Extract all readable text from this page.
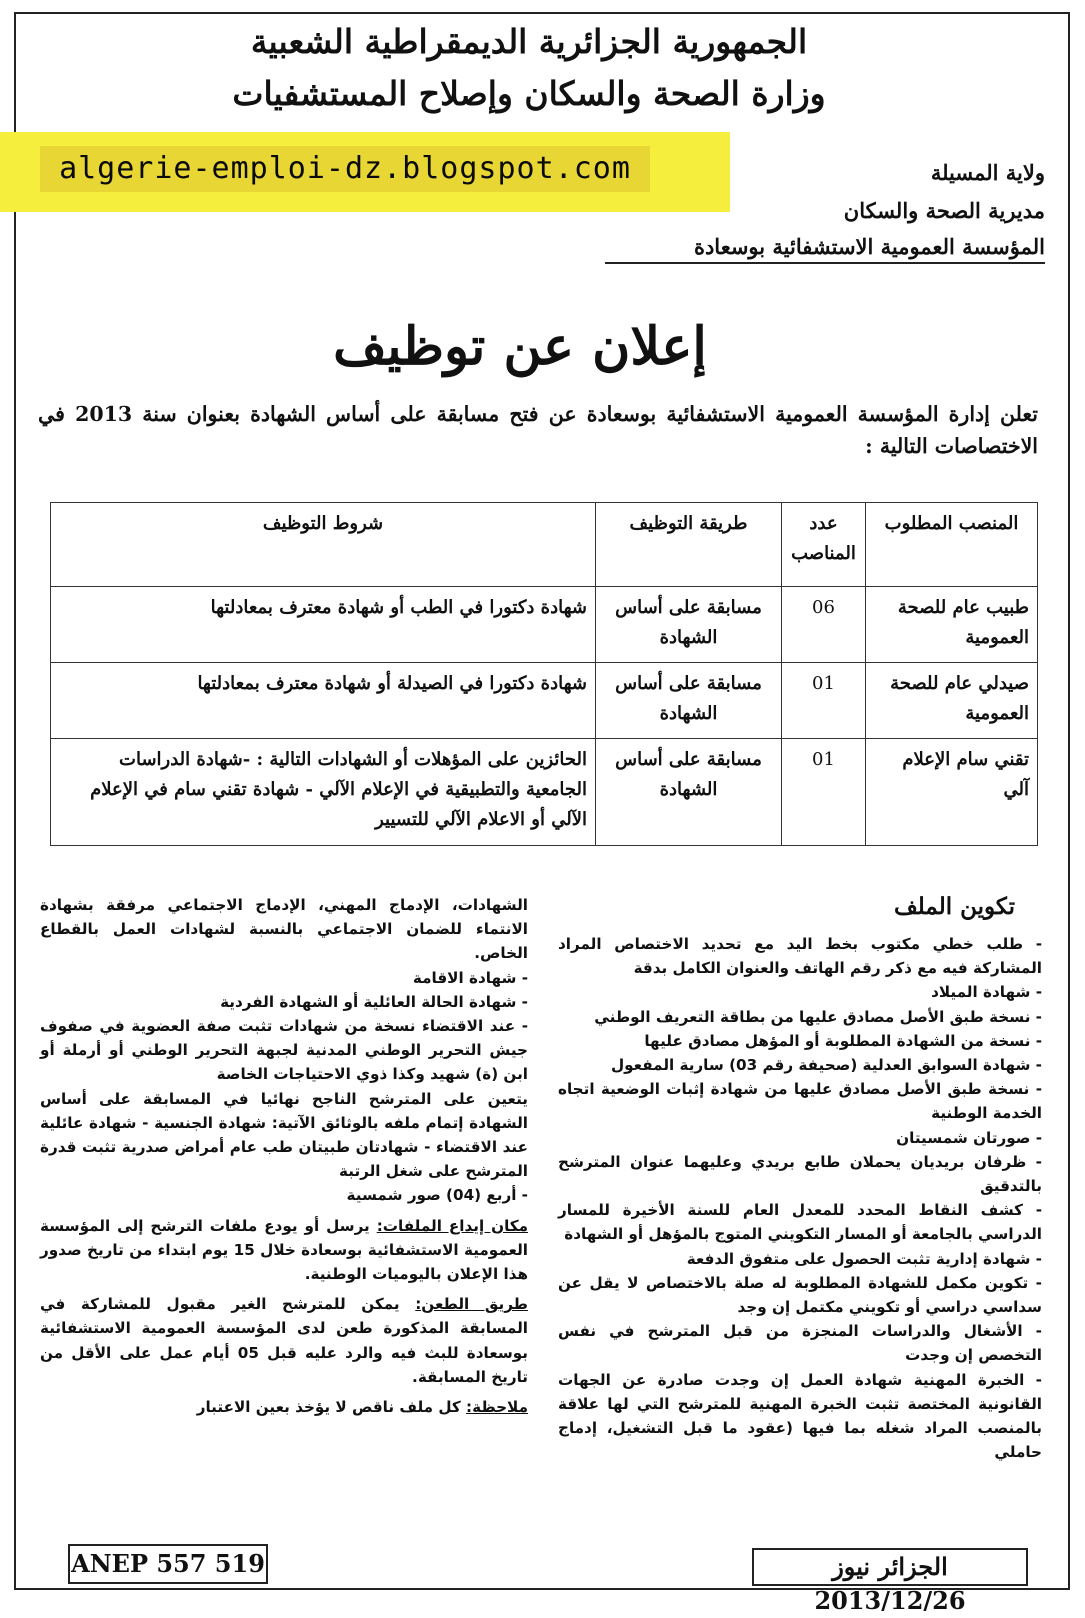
الجمهورية الجزائرية الديمقراطية الشعبية
وزارة الصحة والسكان وإصلاح المستشفيات
algerie-emploi-dz.blogspot.com	ولاية المسيلة
مديرية الصحة والسكان
المؤسسة العمومية الاستشفائية بوسعادة
إعلان عن توظيف
تعلن إدارة المؤسسة العمومية الاستشفائية بوسعادة عن فتح مسابقة على أساس الشهادة بعنوان سنة 2013 في الاختصاصات التالية :
المنصب المطلوب	عدد المناصب	طريقة التوظيف	شروط التوظيف
طبيب عام للصحة العمومية	06	مسابقة على أساس الشهادة	شهادة دكتورا في الطب أو شهادة معترف بمعادلتها
صيدلي عام للصحة العمومية	01	مسابقة على أساس الشهادة	شهادة دكتورا في الصيدلة أو شهادة معترف بمعادلتها
تقني سام الإعلام آلي	01	مسابقة على أساس الشهادة	الحائزين على المؤهلات أو الشهادات التالية : -شهادة الدراسات الجامعية والتطبيقية في الإعلام الآلي - شهادة تقني سام في الإعلام الآلي أو الاعلام الآلي للتسيير
تكوين الملف

- طلب خطي مكتوب بخط اليد مع تحديد الاختصاص المراد المشاركة فيه مع ذكر رقم الهاتف والعنوان الكامل بدقة

- شهادة الميلاد

- نسخة طبق الأصل مصادق عليها من بطاقة التعريف الوطني

- نسخة من الشهادة المطلوبة أو المؤهل مصادق عليها

- شهادة السوابق العدلية (صحيفة رقم 03) سارية المفعول

- نسخة طبق الأصل مصادق عليها من شهادة إثبات الوضعية اتجاه الخدمة الوطنية

- صورتان شمسيتان

- ظرفان بريديان يحملان طابع بريدي وعليهما عنوان المترشح بالتدقيق

- كشف النقاط المحدد للمعدل العام للسنة الأخيرة للمسار الدراسي بالجامعة أو المسار التكويني المتوج بالمؤهل أو الشهادة

- شهادة إدارية تثبت الحصول على متفوق الدفعة

- تكوين مكمل للشهادة المطلوبة له صلة بالاختصاص لا يقل عن سداسي دراسي أو تكويني مكتمل إن وجد

- الأشغال والدراسات المنجزة من قبل المترشح في نفس التخصص إن وجدت

- الخبرة المهنية شهادة العمل إن وجدت صادرة عن الجهات القانونية المختصة تثبت الخبرة المهنية للمترشح التي لها علاقة بالمنصب المراد شغله بما فيها (عقود ما قبل التشغيل، إدماج حاملي

الشهادات، الإدماج المهني، الإدماج الاجتماعي مرفقة بشهادة الانتماء للضمان الاجتماعي بالنسبة لشهادات العمل بالقطاع الخاص.

- شهادة الاقامة

- شهادة الحالة العائلية أو الشهادة الفردية

- عند الاقتضاء نسخة من شهادات تثبت صفة العضوية في صفوف جيش التحرير الوطني المدنية لجبهة التحرير الوطني أو أرملة أو ابن (ة) شهيد وكذا ذوي الاحتياجات الخاصة

يتعين على المترشح الناجح نهائيا في المسابقة على أساس الشهادة إتمام ملفه بالوثائق الآتية: شهادة الجنسية - شهادة عائلية عند الاقتضاء - شهادتان طبيتان طب عام أمراض صدرية تثبت قدرة المترشح على شغل الرتبة

- أربع (04) صور شمسية

مكان إيداع الملفات: يرسل أو يودع ملفات الترشح إلى المؤسسة العمومية الاستشفائية بوسعادة خلال 15 يوم ابتداء من تاريخ صدور هذا الإعلان باليوميات الوطنية.

طريق الطعن: يمكن للمترشح الغير مقبول للمشاركة في المسابقة المذكورة طعن لدى المؤسسة العمومية الاستشفائية بوسعادة للبث فيه والرد عليه قبل 05 أيام عمل على الأقل من تاريخ المسابقة.

ملاحظة: كل ملف ناقص لا يؤخذ بعين الاعتبار

ANEP 557 519	الجزائر نيوز 2013/12/26
